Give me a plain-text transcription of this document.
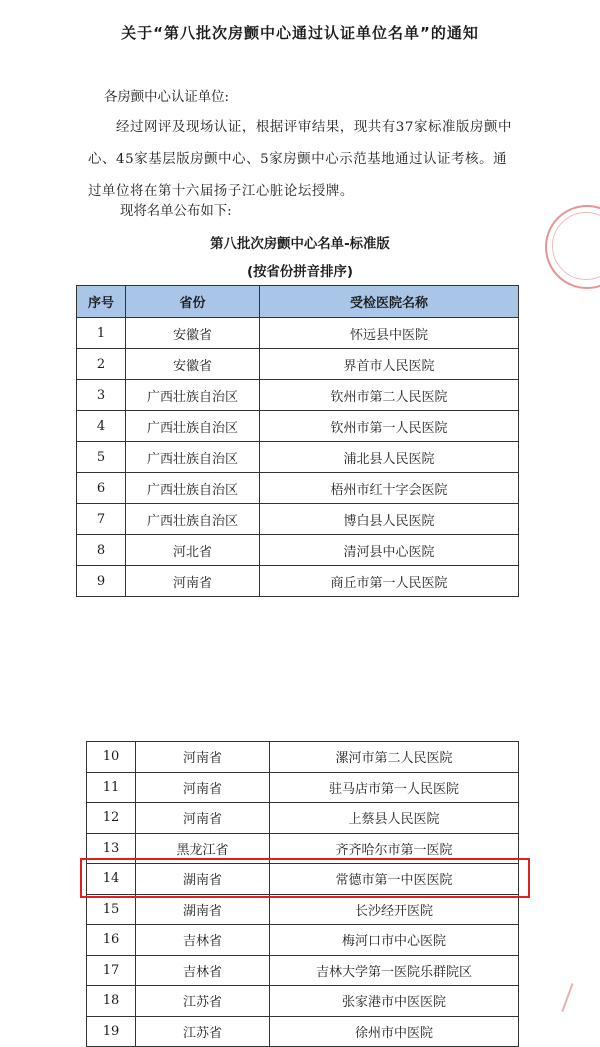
关于“第八批次房颤中心通过认证单位名单”的通知
各房颤中心认证单位:

经过网评及现场认证，根据评审结果，现共有37家标准版房颤中心、45家基层版房颤中心、5家房颤中心示范基地通过认证考核。通过单位将在第十六届扬子江心脏论坛授牌。

现将名单公布如下:
第八批次房颤中心名单-标准版
(按省份拼音排序)
序号	省份	受检医院名称
1	安徽省	怀远县中医院
2	安徽省	界首市人民医院
3	广西壮族自治区	钦州市第二人民医院
4	广西壮族自治区	钦州市第一人民医院
5	广西壮族自治区	浦北县人民医院
6	广西壮族自治区	梧州市红十字会医院
7	广西壮族自治区	博白县人民医院
8	河北省	清河县中心医院
9	河南省	商丘市第一人民医院
10	河南省	漯河市第二人民医院
11	河南省	驻马店市第一人民医院
12	河南省	上蔡县人民医院
13	黑龙江省	齐齐哈尔市第一医院
14	湖南省	常德市第一中医医院
15	湖南省	长沙经开医院
16	吉林省	梅河口市中心医院
17	吉林省	吉林大学第一医院乐群院区
18	江苏省	张家港市中医医院
19	江苏省	徐州市中医院
